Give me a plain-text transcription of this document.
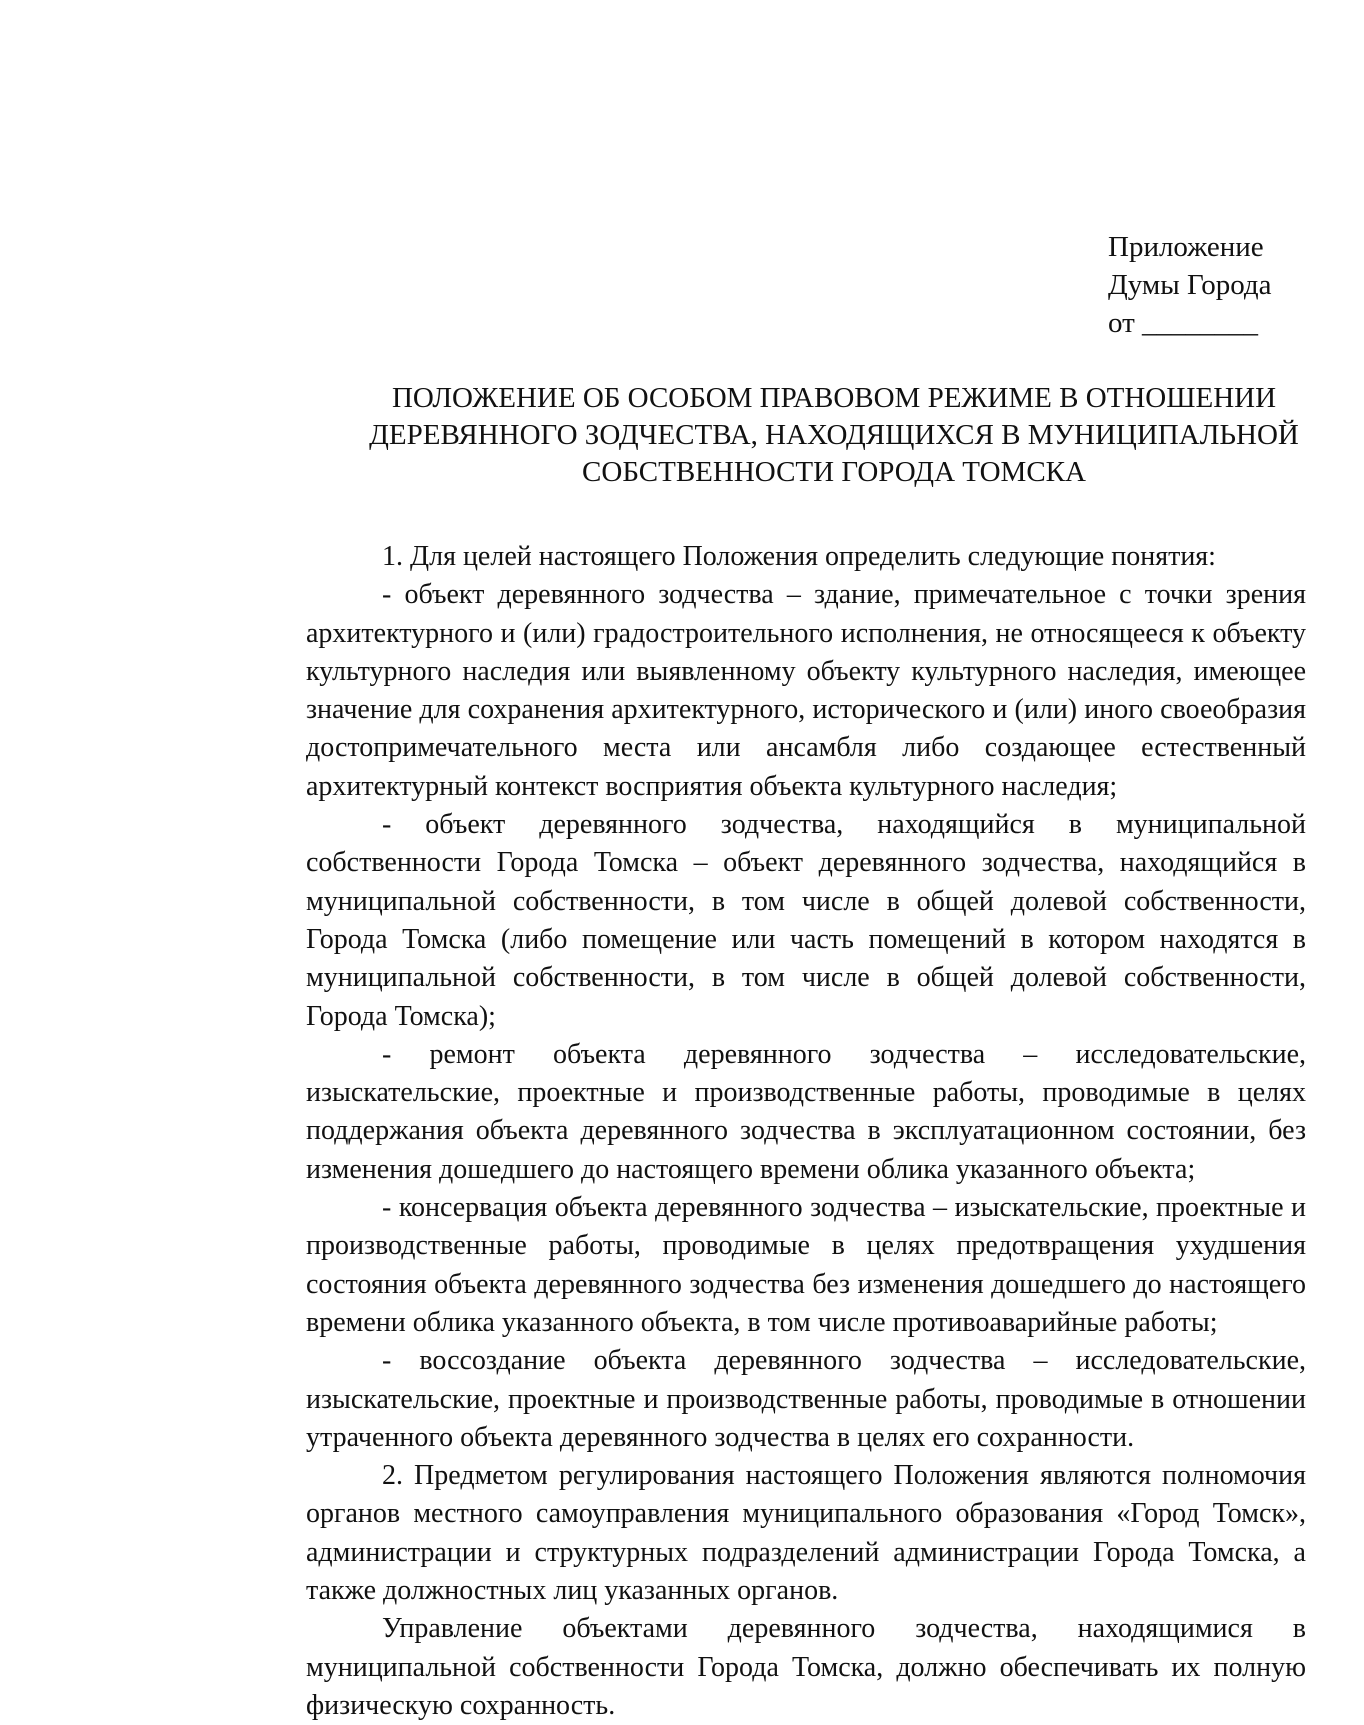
Приложение
Думы Города
от ________
ПОЛОЖЕНИЕ ОБ ОСОБОМ ПРАВОВОМ РЕЖИМЕ В ОТНОШЕНИИ
ДЕРЕВЯННОГО ЗОДЧЕСТВА, НАХОДЯЩИХСЯ В МУНИЦИПАЛЬНОЙ
СОБСТВЕННОСТИ ГОРОДА ТОМСКА

1. Для целей настоящего Положения определить следующие понятия:

- объект деревянного зодчества – здание, примечательное с точки зрения архитектурного и (или) градостроительного исполнения, не относящееся к объекту культурного наследия или выявленному объекту культурного наследия, имеющее значение для сохранения архитектурного, исторического и (или) иного своеобразия достопримечательного места или ансамбля либо создающее естественный архитектурный контекст восприятия объекта культурного наследия;

- объект деревянного зодчества, находящийся в муниципальной собственности Города Томска – объект деревянного зодчества, находящийся в муниципальной собственности, в том числе в общей долевой собственности, Города Томска (либо помещение или часть помещений в котором находятся в муниципальной собственности, в том числе в общей долевой собственности, Города Томска);

- ремонт объекта деревянного зодчества – исследовательские, изыскательские, проектные и производственные работы, проводимые в целях поддержания объекта деревянного зодчества в эксплуатационном состоянии, без изменения дошедшего до настоящего времени облика указанного объекта;

- консервация объекта деревянного зодчества – изыскательские, проектные и производственные работы, проводимые в целях предотвращения ухудшения состояния объекта деревянного зодчества без изменения дошедшего до настоящего времени облика указанного объекта, в том числе противоаварийные работы;

- воссоздание объекта деревянного зодчества – исследовательские, изыскательские, проектные и производственные работы, проводимые в отношении утраченного объекта деревянного зодчества в целях его сохранности.

2. Предметом регулирования настоящего Положения являются полномочия органов местного самоуправления муниципального образования «Город Томск», администрации и структурных подразделений администрации Города Томска, а также должностных лиц указанных органов.

Управление объектами деревянного зодчества, находящимися в муниципальной собственности Города Томска, должно обеспечивать их полную физическую сохранность.
